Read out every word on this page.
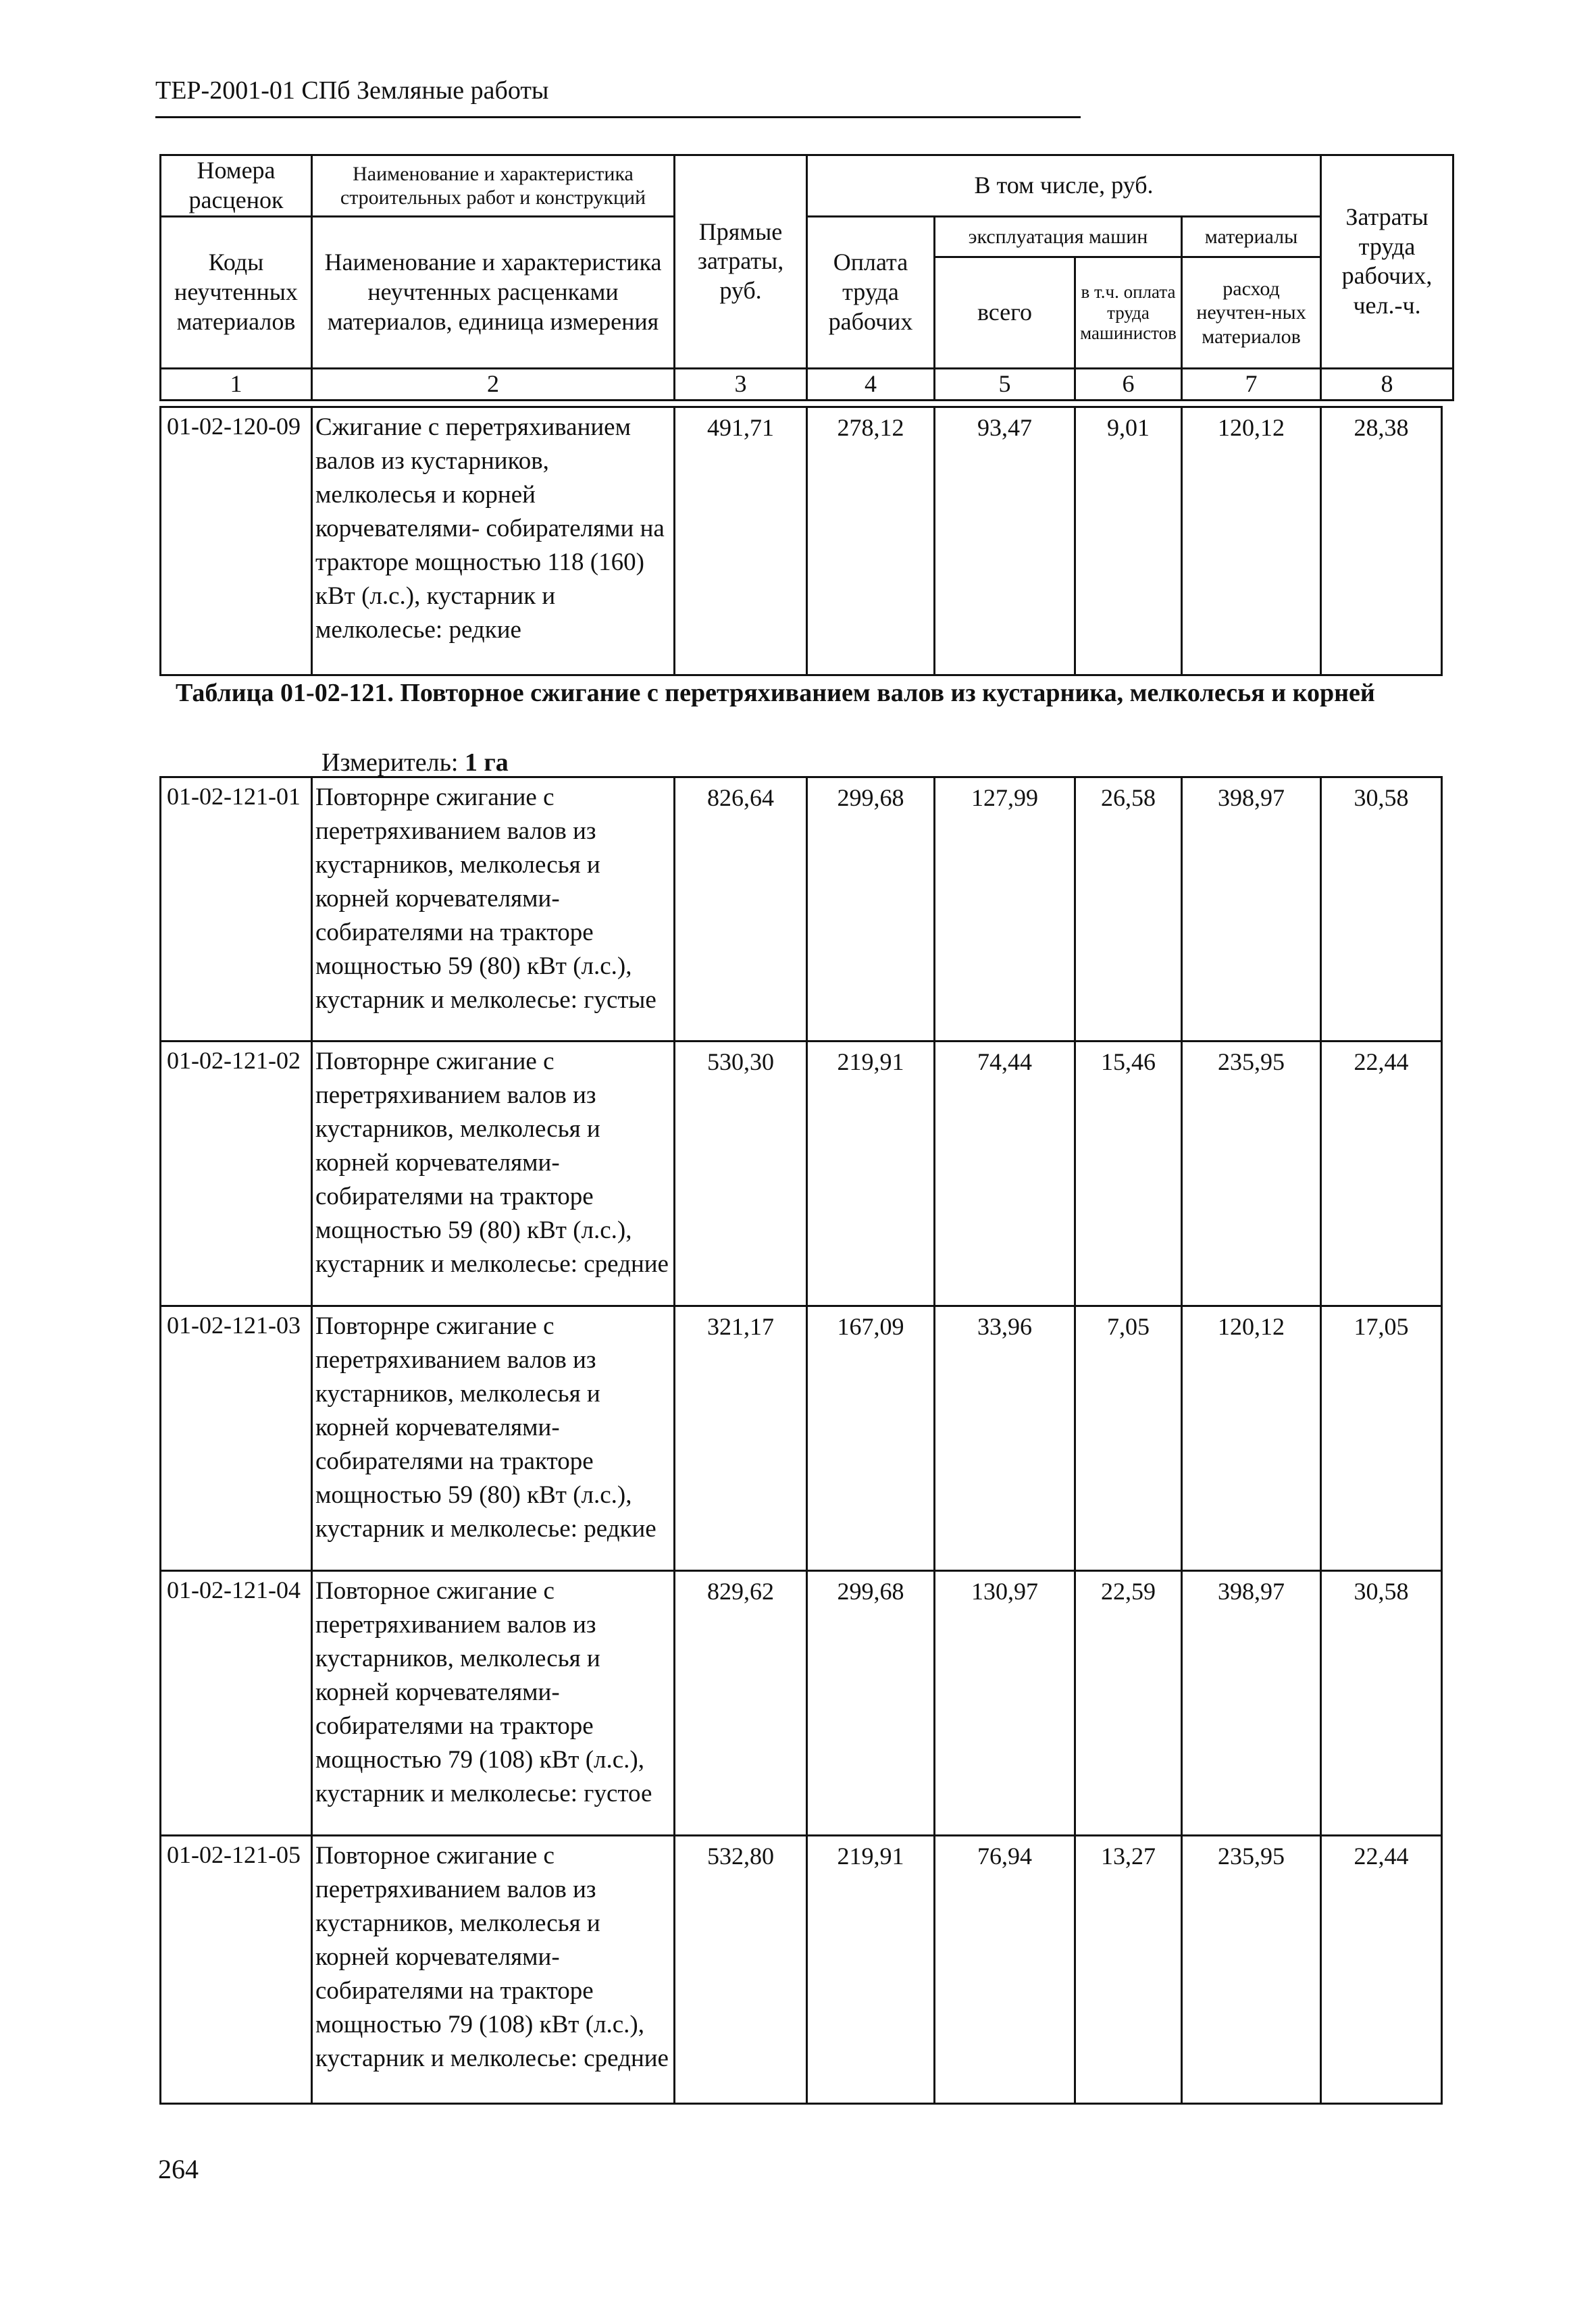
ТЕР-2001-01 СПб Земляные работы
Номера расценок	Наименование и характеристика строительных работ и конструкций	Прямые затраты, руб.	В том числе, руб.				Затраты труда рабочих, чел.-ч.
Коды неучтенных материалов	Наименование и характеристика неучтенных расценками материалов, единица измерения		Оплата труда рабочих	эксплуатация машин		материалы	
				всего	в т.ч. оплата труда машинистов	расход неучтен-ных материалов	
1	2	3	4	5	6	7	8
01-02-120-09	Сжигание с перетряхиванием валов из кустарников, мелколесья и корней корчевателями- собирателями на тракторе мощностью 118 (160) кВт (л.с.), кустарник и мелколесье: редкие	491,71	278,12	93,47	9,01	120,12	28,38
Таблица 01-02-121. Повторное сжигание с перетряхиванием валов из кустарника, мелколесья и корней
Измеритель: 1 га
01-02-121-01	Повторнре сжигание с перетряхиванием валов из кустарников, мелколесья и корней корчевателями-собирателями на тракторе мощностью 59 (80) кВт (л.с.), кустарник и мелколесье: густые	826,64	299,68	127,99	26,58	398,97	30,58
01-02-121-02	Повторнре сжигание с перетряхиванием валов из кустарников, мелколесья и корней корчевателями-собирателями на тракторе мощностью 59 (80) кВт (л.с.), кустарник и мелколесье: средние	530,30	219,91	74,44	15,46	235,95	22,44
01-02-121-03	Повторнре сжигание с перетряхиванием валов из кустарников, мелколесья и корней корчевателями-собирателями на тракторе мощностью 59 (80) кВт (л.с.), кустарник и мелколесье: редкие	321,17	167,09	33,96	7,05	120,12	17,05
01-02-121-04	Повторное сжигание с перетряхиванием валов из кустарников, мелколесья и корней корчевателями-собирателями на тракторе мощностью 79 (108) кВт (л.с.), кустарник и мелколесье: густое	829,62	299,68	130,97	22,59	398,97	30,58
01-02-121-05	Повторное сжигание с перетряхиванием валов из кустарников, мелколесья и корней корчевателями-собирателями на тракторе мощностью 79 (108) кВт (л.с.), кустарник и мелколесье: средние	532,80	219,91	76,94	13,27	235,95	22,44
264
